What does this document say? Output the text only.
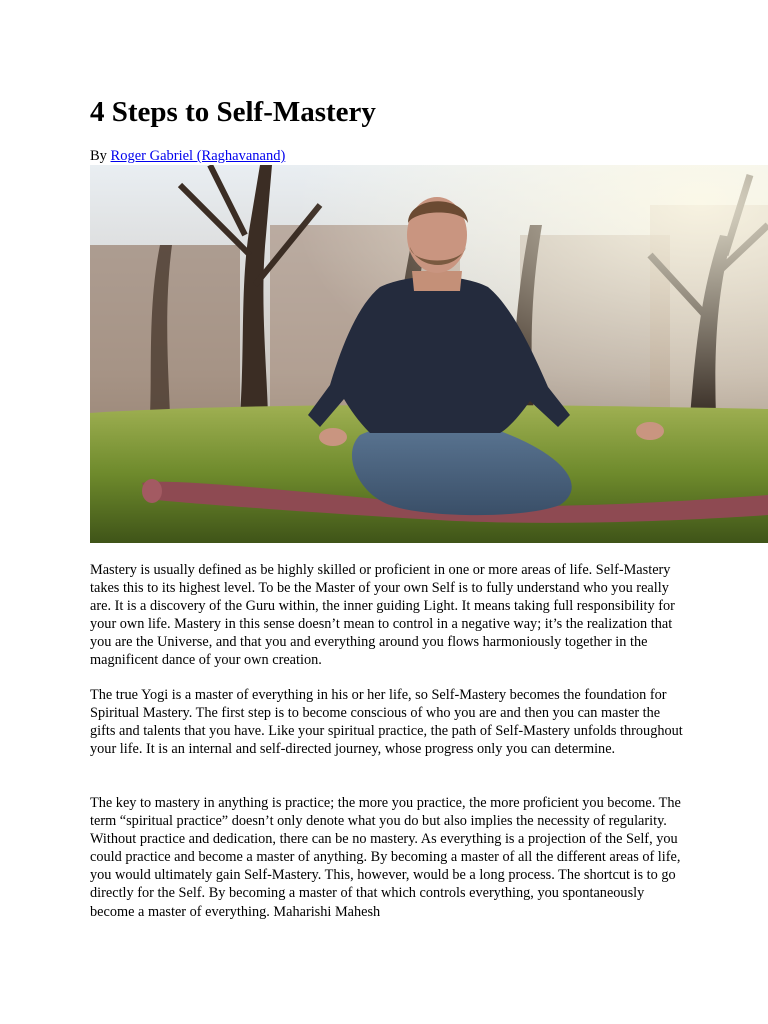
4 Steps to Self-Mastery
By Roger Gabriel (Raghavanand)

Mastery is usually defined as be highly skilled or proficient in one or more areas of life. Self-Mastery takes this to its highest level. To be the Master of your own Self is to fully understand who you really are. It is a discovery of the Guru within, the inner guiding Light. It means taking full responsibility for your own life. Mastery in this sense doesn’t mean to control in a negative way; it’s the realization that you are the Universe, and that you and everything around you flows harmoniously together in the magnificent dance of your own creation.

The true Yogi is a master of everything in his or her life, so Self-Mastery becomes the foundation for Spiritual Mastery. The first step is to become conscious of who you are and then you can master the gifts and talents that you have. Like your spiritual practice, the path of Self-Mastery unfolds throughout your life. It is an internal and self-directed journey, whose progress only you can determine.

The key to mastery in anything is practice; the more you practice, the more proficient you become. The term “spiritual practice” doesn’t only denote what you do but also implies the necessity of regularity. Without practice and dedication, there can be no mastery. As everything is a projection of the Self, you could practice and become a master of anything. By becoming a master of all the different areas of life, you would ultimately gain Self-Mastery. This, however, would be a long process. The shortcut is to go directly for the Self. By becoming a master of that which controls everything, you spontaneously become a master of everything. Maharishi Mahesh
